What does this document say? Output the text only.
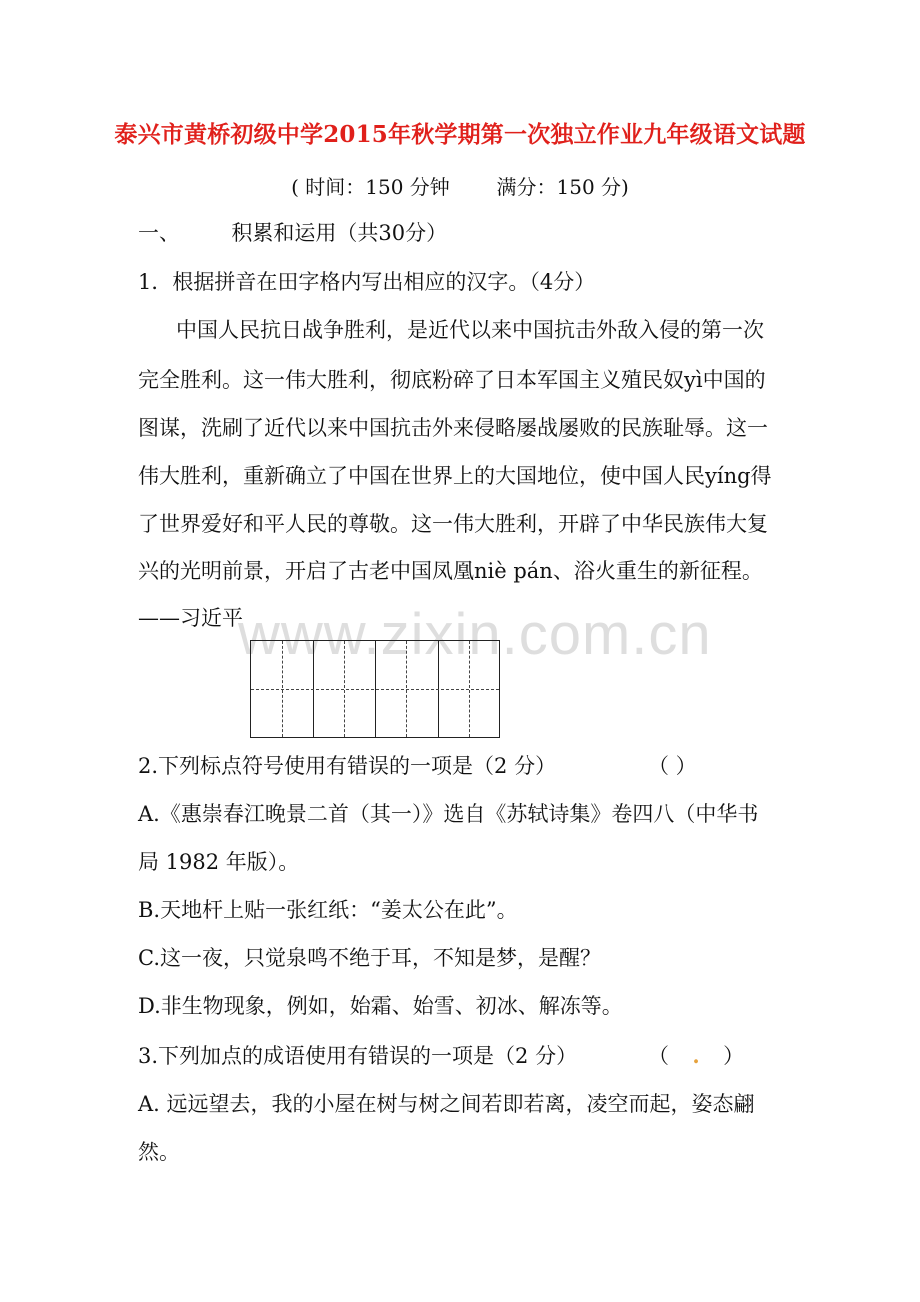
泰兴市黄桥初级中学2015年秋学期第一次独立作业九年级语文试题
( 时间：150 分钟 满分：150 分)
一、 积累和运用（共30分）
1．根据拼音在田字格内写出相应的汉字。（4分）
中国人民抗日战争胜利，是近代以来中国抗击外敌入侵的第一次
完全胜利。这一伟大胜利，彻底粉碎了日本军国主义殖民奴yì中国的
图谋，洗刷了近代以来中国抗击外来侵略屡战屡败的民族耻辱。这一
伟大胜利，重新确立了中国在世界上的大国地位，使中国人民yíng得
了世界爱好和平人民的尊敬。这一伟大胜利，开辟了中华民族伟大复
兴的光明前景，开启了古老中国凤凰niè pán、浴火重生的新征程。
——习近平
www.zixin.com.cn
2.下列标点符号使用有错误的一项是（2 分）	（ ）
A.《惠崇春江晚景二首（其一）》选自《苏轼诗集》卷四八（中华书
局 1982 年版）。
B.天地杆上贴一张红纸：“姜太公在此”。
C.这一夜，只觉泉鸣不绝于耳，不知是梦，是醒？
D.非生物现象，例如，始霜、始雪、初冰、解冻等。
3.下列加点的成语使用有错误的一项是（2 分）	（ . ）
A. 远远望去，我的小屋在树与树之间若即若离，凌空而起，姿态翩
然。
